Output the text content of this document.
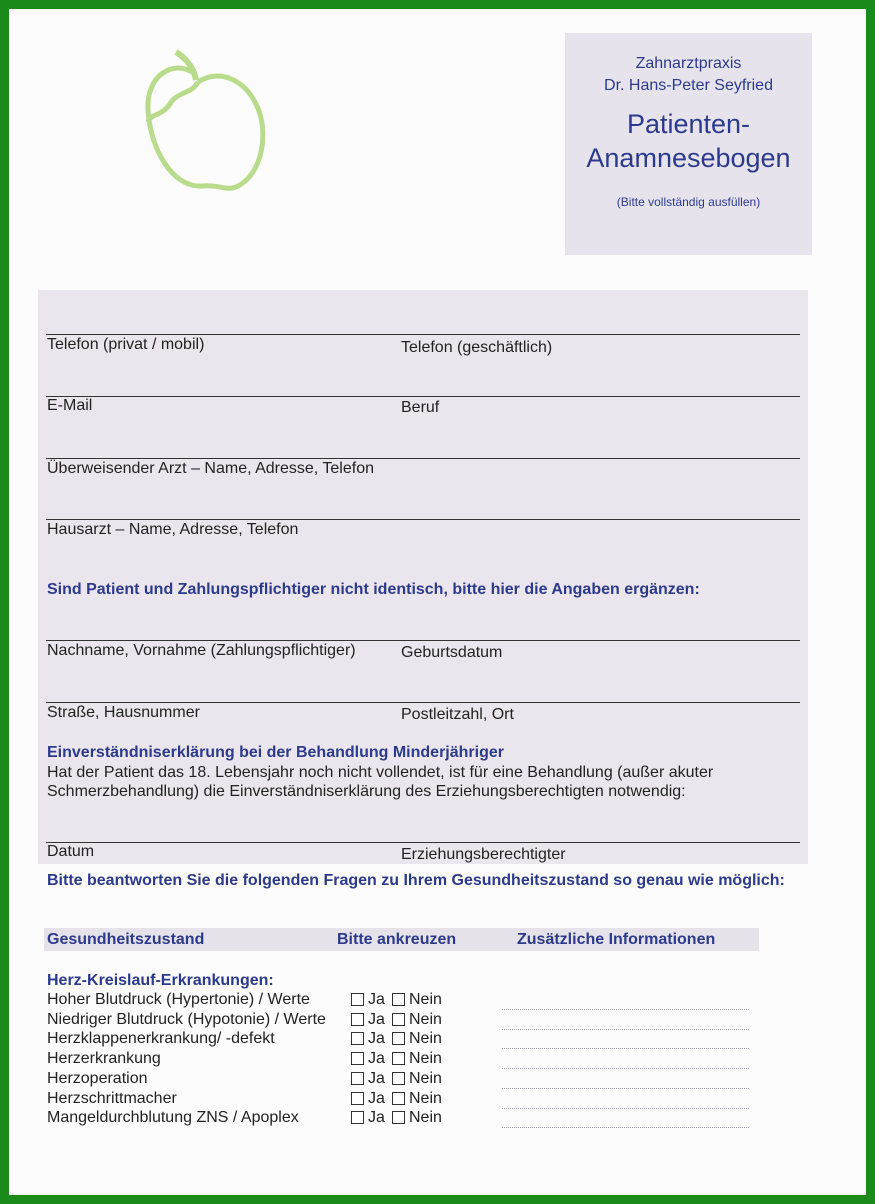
Zahnarztpraxis
Dr. Hans-Peter Seyfried
Patienten-
Anamnesebogen
(Bitte vollständig ausfüllen)
Telefon (privat / mobil)	Telefon (geschäftlich)
E-Mail	Beruf
Überweisender Arzt – Name, Adresse, Telefon
Hausarzt – Name, Adresse, Telefon
Sind Patient und Zahlungspflichtiger nicht identisch, bitte hier die Angaben ergänzen:
Nachname, Vornahme (Zahlungspflichtiger)	Geburtsdatum
Straße, Hausnummer	Postleitzahl, Ort
Einverständniserklärung bei der Behandlung Minderjähriger
Hat der Patient das 18. Lebensjahr noch nicht vollendet, ist für eine Behandlung (außer akuter Schmerzbehandlung) die Einverständniserklärung des Erziehungsberechtigten notwendig:
Datum	Erziehungsberechtigter
Bitte beantworten Sie die folgenden Fragen zu Ihrem Gesundheitszustand so genau wie möglich:
Gesundheitszustand	Bitte ankreuzen	Zusätzliche Informationen
Herz-Kreislauf-Erkrankungen:
Hoher Blutdruck (Hypertonie) / Werte	Ja Nein
Niedriger Blutdruck (Hypotonie) / Werte	Ja Nein
Herzklappenerkrankung/ -defekt	Ja Nein
Herzerkrankung	Ja Nein
Herzoperation	Ja Nein
Herzschrittmacher	Ja Nein
Mangeldurchblutung ZNS / Apoplex	Ja Nein
